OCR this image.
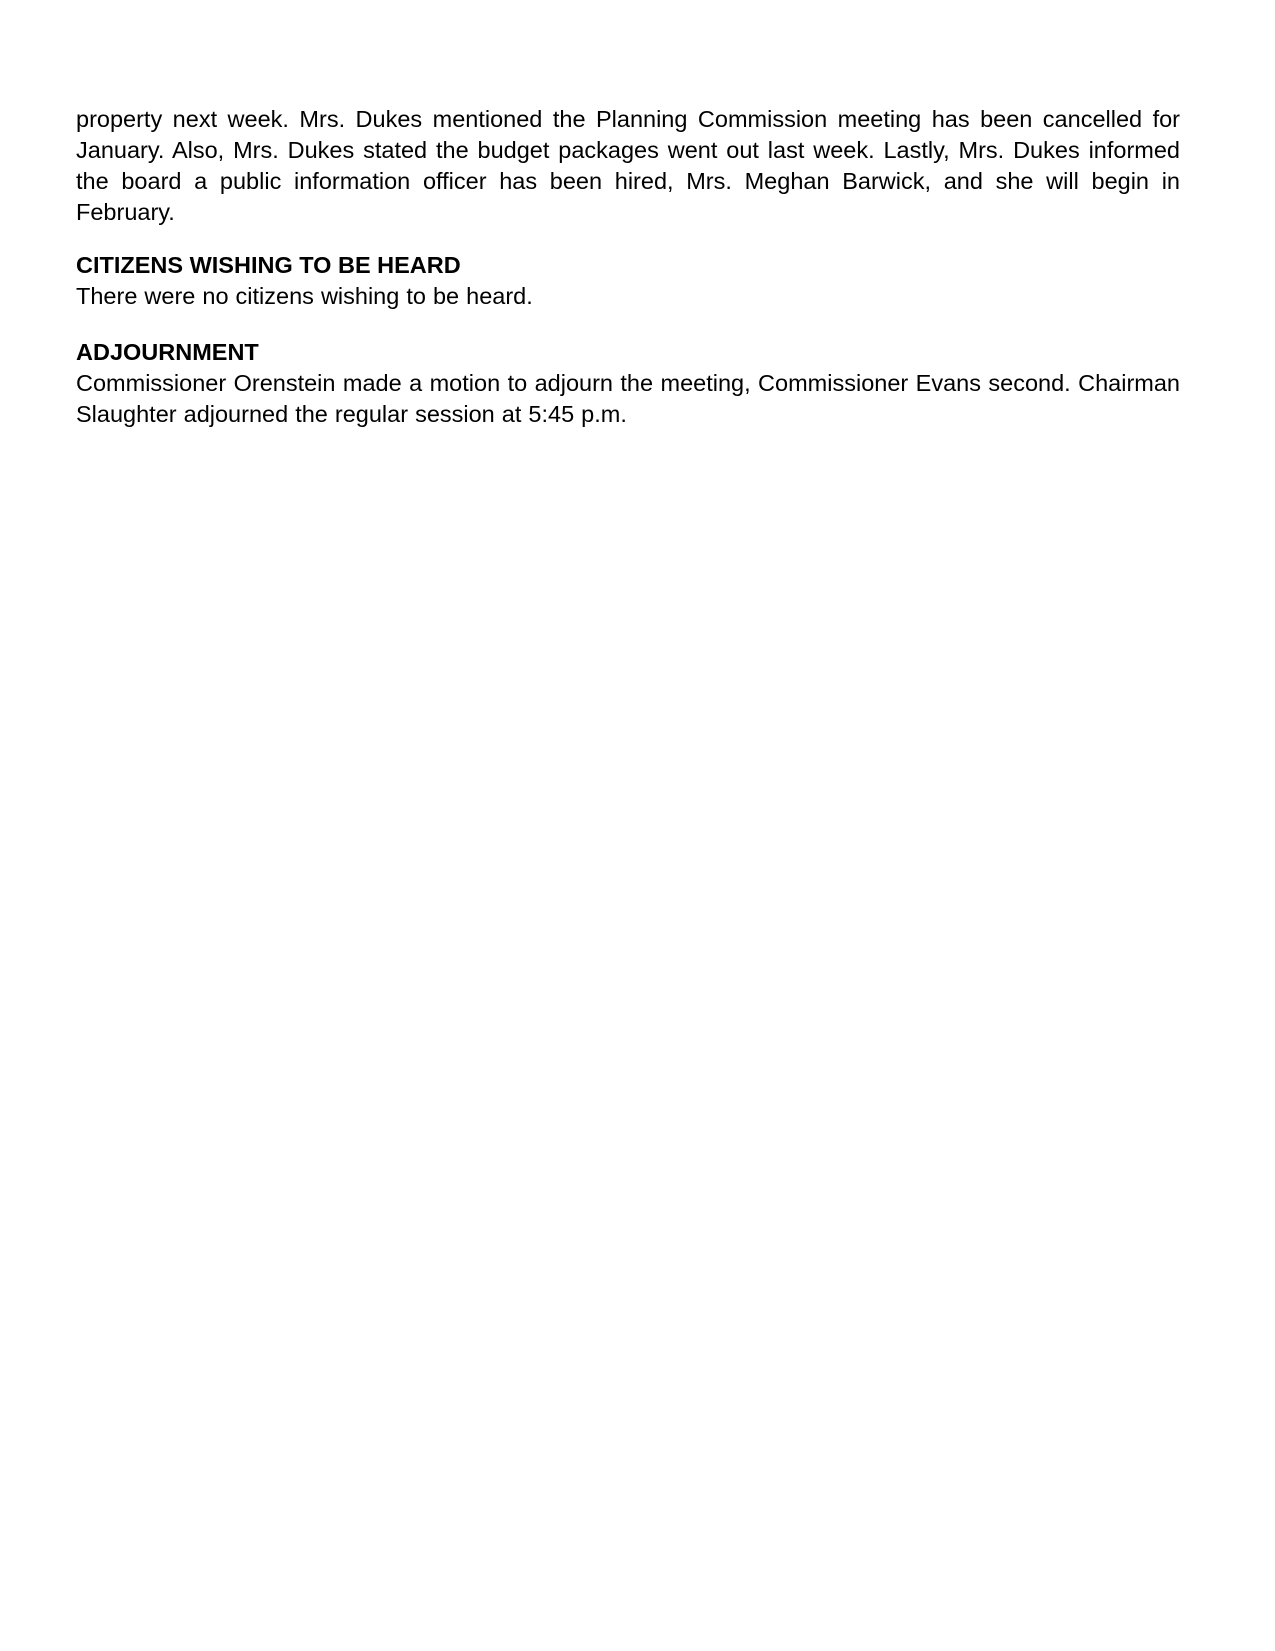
property next week. Mrs. Dukes mentioned the Planning Commission meeting has been cancelled for January. Also, Mrs. Dukes stated the budget packages went out last week. Lastly, Mrs. Dukes informed the board a public information officer has been hired, Mrs. Meghan Barwick, and she will begin in February.

CITIZENS WISHING TO BE HEARD

There were no citizens wishing to be heard.

ADJOURNMENT

Commissioner Orenstein made a motion to adjourn the meeting, Commissioner Evans second. Chairman Slaughter adjourned the regular session at 5:45 p.m.
